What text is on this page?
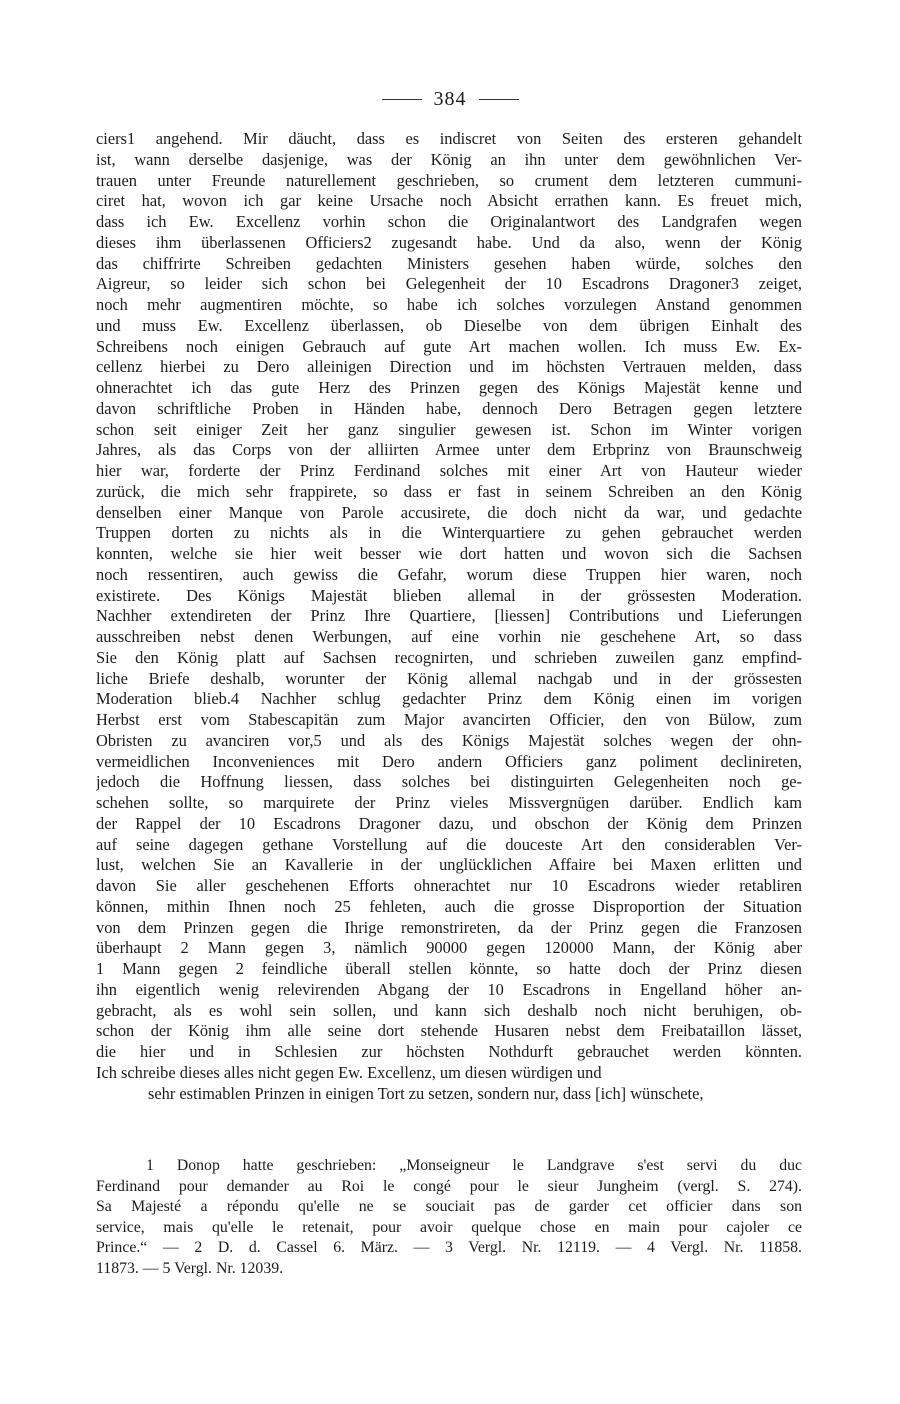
384
ciers1 angehend. Mir däucht, dass es indiscret von Seiten des ersteren gehandelt
ist, wann derselbe dasjenige, was der König an ihn unter dem gewöhnlichen Ver-
trauen unter Freunde naturellement geschrieben, so crument dem letzteren cummuni-
ciret hat, wovon ich gar keine Ursache noch Absicht errathen kann. Es freuet mich,
dass ich Ew. Excellenz vorhin schon die Originalantwort des Landgrafen wegen
dieses ihm überlassenen Officiers2 zugesandt habe. Und da also, wenn der König
das chiffrirte Schreiben gedachten Ministers gesehen haben würde, solches den
Aigreur, so leider sich schon bei Gelegenheit der 10 Escadrons Dragoner3 zeiget,
noch mehr augmentiren möchte, so habe ich solches vorzulegen Anstand genommen
und muss Ew. Excellenz überlassen, ob Dieselbe von dem übrigen Einhalt des
Schreibens noch einigen Gebrauch auf gute Art machen wollen. Ich muss Ew. Ex-
cellenz hierbei zu Dero alleinigen Direction und im höchsten Vertrauen melden, dass
ohnerachtet ich das gute Herz des Prinzen gegen des Königs Majestät kenne und
davon schriftliche Proben in Händen habe, dennoch Dero Betragen gegen letztere
schon seit einiger Zeit her ganz singulier gewesen ist. Schon im Winter vorigen
Jahres, als das Corps von der alliirten Armee unter dem Erbprinz von Braunschweig
hier war, forderte der Prinz Ferdinand solches mit einer Art von Hauteur wieder
zurück, die mich sehr frappirete, so dass er fast in seinem Schreiben an den König
denselben einer Manque von Parole accusirete, die doch nicht da war, und gedachte
Truppen dorten zu nichts als in die Winterquartiere zu gehen gebrauchet werden
konnten, welche sie hier weit besser wie dort hatten und wovon sich die Sachsen
noch ressentiren, auch gewiss die Gefahr, worum diese Truppen hier waren, noch
existirete. Des Königs Majestät blieben allemal in der grössesten Moderation.
Nachher extendireten der Prinz Ihre Quartiere, [liessen] Contributions und Lieferungen
ausschreiben nebst denen Werbungen, auf eine vorhin nie geschehene Art, so dass
Sie den König platt auf Sachsen recognirten, und schrieben zuweilen ganz empfind-
liche Briefe deshalb, worunter der König allemal nachgab und in der grössesten
Moderation blieb.4 Nachher schlug gedachter Prinz dem König einen im vorigen
Herbst erst vom Stabescapitän zum Major avancirten Officier, den von Bülow, zum
Obristen zu avanciren vor,5 und als des Königs Majestät solches wegen der ohn-
vermeidlichen Inconveniences mit Dero andern Officiers ganz poliment declinireten,
jedoch die Hoffnung liessen, dass solches bei distinguirten Gelegenheiten noch ge-
schehen sollte, so marquirete der Prinz vieles Missvergnügen darüber. Endlich kam
der Rappel der 10 Escadrons Dragoner dazu, und obschon der König dem Prinzen
auf seine dagegen gethane Vorstellung auf die douceste Art den considerablen Ver-
lust, welchen Sie an Kavallerie in der unglücklichen Affaire bei Maxen erlitten und
davon Sie aller geschehenen Efforts ohnerachtet nur 10 Escadrons wieder retabliren
können, mithin Ihnen noch 25 fehleten, auch die grosse Disproportion der Situation
von dem Prinzen gegen die Ihrige remonstrireten, da der Prinz gegen die Franzosen
überhaupt 2 Mann gegen 3, nämlich 90000 gegen 120000 Mann, der König aber
1 Mann gegen 2 feindliche überall stellen könnte, so hatte doch der Prinz diesen
ihn eigentlich wenig relevirenden Abgang der 10 Escadrons in Engelland höher an-
gebracht, als es wohl sein sollen, und kann sich deshalb noch nicht beruhigen, ob-
schon der König ihm alle seine dort stehende Husaren nebst dem Freibataillon lässet,
die hier und in Schlesien zur höchsten Nothdurft gebrauchet werden könnten.
Ich schreibe dieses alles nicht gegen Ew. Excellenz, um diesen würdigen und
sehr estimablen Prinzen in einigen Tort zu setzen, sondern nur, dass [ich] wünschete,
1 Donop hatte geschrieben: „Monseigneur le Landgrave s'est servi du duc
Ferdinand pour demander au Roi le congé pour le sieur Jungheim (vergl. S. 274).
Sa Majesté a répondu qu'elle ne se souciait pas de garder cet officier dans son
service, mais qu'elle le retenait, pour avoir quelque chose en main pour cajoler ce
Prince.“ — 2 D. d. Cassel 6. März. — 3 Vergl. Nr. 12119. — 4 Vergl. Nr. 11858.
11873. — 5 Vergl. Nr. 12039.
